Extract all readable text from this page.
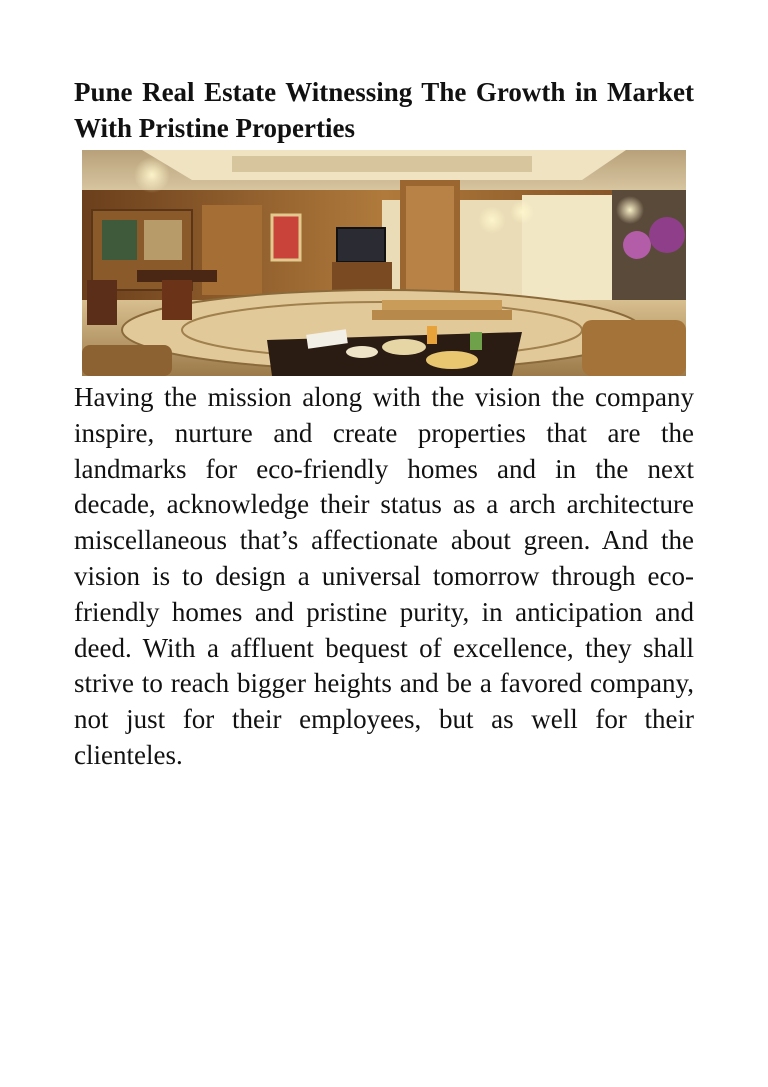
Pune Real Estate Witnessing The Growth in Market With Pristine Properties

Having the mission along with the vision the company inspire, nurture and create properties that are the landmarks for eco-friendly homes and in the next decade, acknowledge their status as a arch architecture miscellaneous that’s affectionate about green. And the vision is to design a universal tomorrow through eco-friendly homes and pristine purity, in anticipation and deed. With a affluent bequest of excellence, they shall strive to reach bigger heights and be a favored company, not just for their employees, but as well for their clienteles.
